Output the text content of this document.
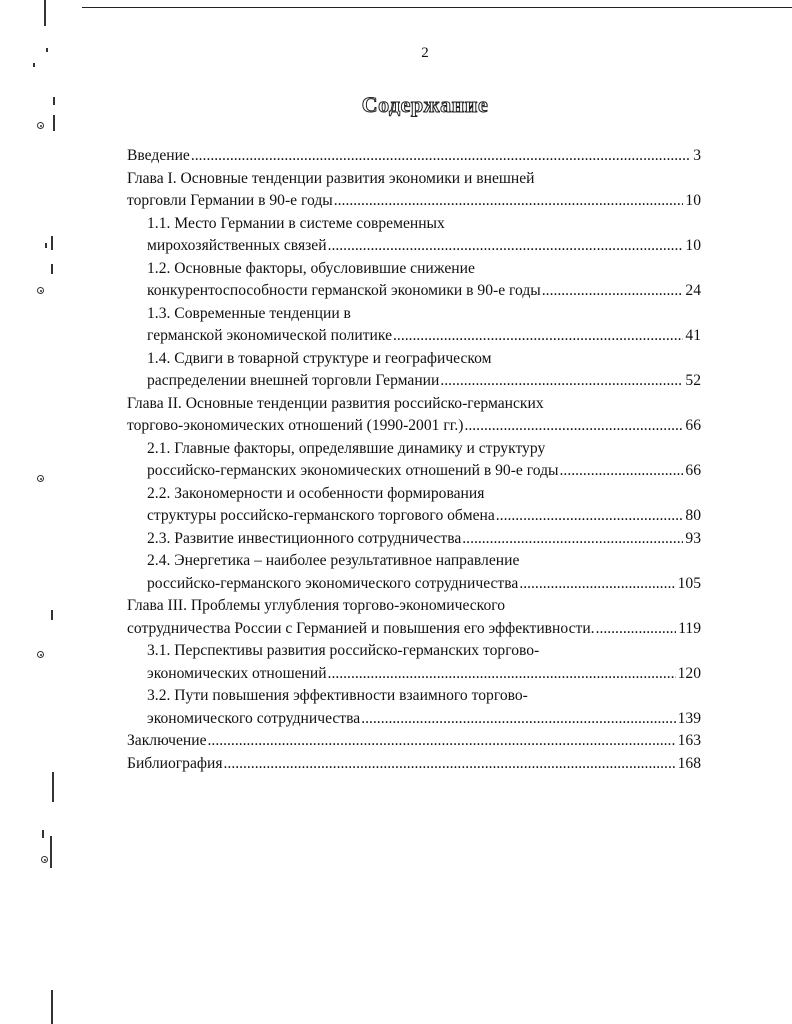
2
Содержание
Введение .....	3
Глава I. Основные тенденции развития экономики и внешней
торговли Германии в 90-е годы .....	10
1.1. Место Германии в системе современных
мирохозяйственных связей .....	10
1.2. Основные факторы, обусловившие снижение
конкурентоспособности германской экономики в 90-е годы .....	24
1.3. Современные тенденции в
германской экономической политике .....	41
1.4. Сдвиги в товарной структуре и географическом
распределении внешней торговли Германии .....	52
Глава II. Основные тенденции развития российско-германских
торгово-экономических отношений (1990-2001 гг.) .....	66
2.1. Главные факторы, определявшие динамику и структуру
российско-германских экономических отношений в 90-е годы .....	66
2.2. Закономерности и особенности формирования
структуры российско-германского торгового обмена .....	80
2.3. Развитие инвестиционного сотрудничества .....	93
2.4. Энергетика – наиболее результативное направление
российско-германского экономического сотрудничества .....	105
Глава III. Проблемы углубления торгово-экономического
сотрудничества России с Германией и повышения его эффективности. .....	119
3.1. Перспективы развития российско-германских торгово-
экономических отношений .....	120
3.2. Пути повышения эффективности взаимного торгово-
экономического сотрудничества .....	139
Заключение .....	163
Библиография .....	168
